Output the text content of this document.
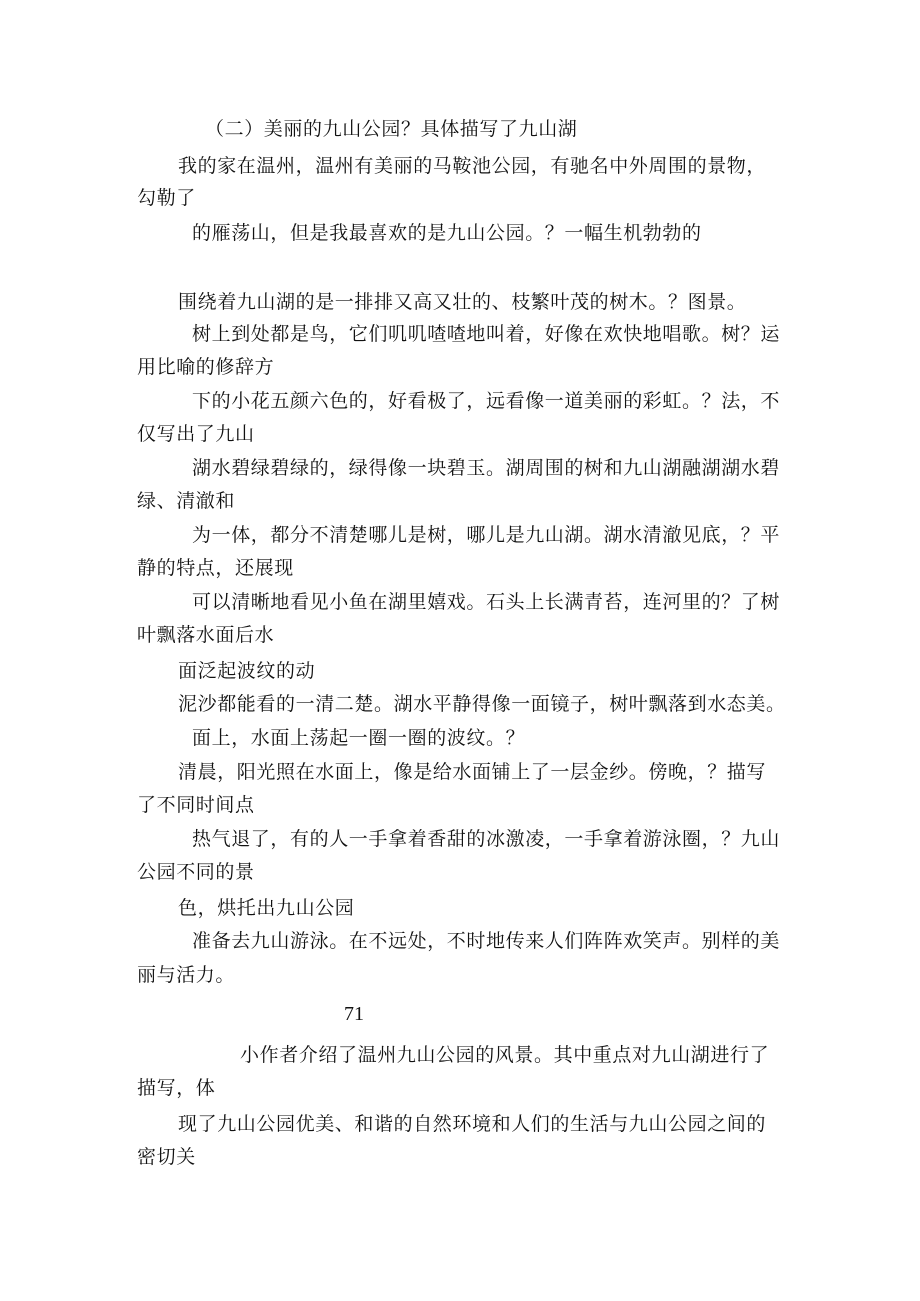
（二）美丽的九山公园？具体描写了九山湖
我的家在温州，温州有美丽的马鞍池公园，有驰名中外周围的景物，
勾勒了
的雁荡山，但是我最喜欢的是九山公园。？一幅生机勃勃的
围绕着九山湖的是一排排又高又壮的、枝繁叶茂的树木。？图景。
树上到处都是鸟，它们叽叽喳喳地叫着，好像在欢快地唱歌。树？运
用比喻的修辞方
下的小花五颜六色的，好看极了，远看像一道美丽的彩虹。？法，不
仅写出了九山
湖水碧绿碧绿的，绿得像一块碧玉。湖周围的树和九山湖融湖湖水碧
绿、清澈和
为一体，都分不清楚哪儿是树，哪儿是九山湖。湖水清澈见底，？平
静的特点，还展现
可以清晰地看见小鱼在湖里嬉戏。石头上长满青苔，连河里的？了树
叶飘落水面后水
面泛起波纹的动
泥沙都能看的一清二楚。湖水平静得像一面镜子，树叶飘落到水态美。
面上，水面上荡起一圈一圈的波纹。？
清晨，阳光照在水面上，像是给水面铺上了一层金纱。傍晚，？描写
了不同时间点
热气退了，有的人一手拿着香甜的冰激凌，一手拿着游泳圈，？九山
公园不同的景
色，烘托出九山公园
准备去九山游泳。在不远处，不时地传来人们阵阵欢笑声。别样的美
丽与活力。
71
小作者介绍了温州九山公园的风景。其中重点对九山湖进行了
描写，体
现了九山公园优美、和谐的自然环境和人们的生活与九山公园之间的
密切关
